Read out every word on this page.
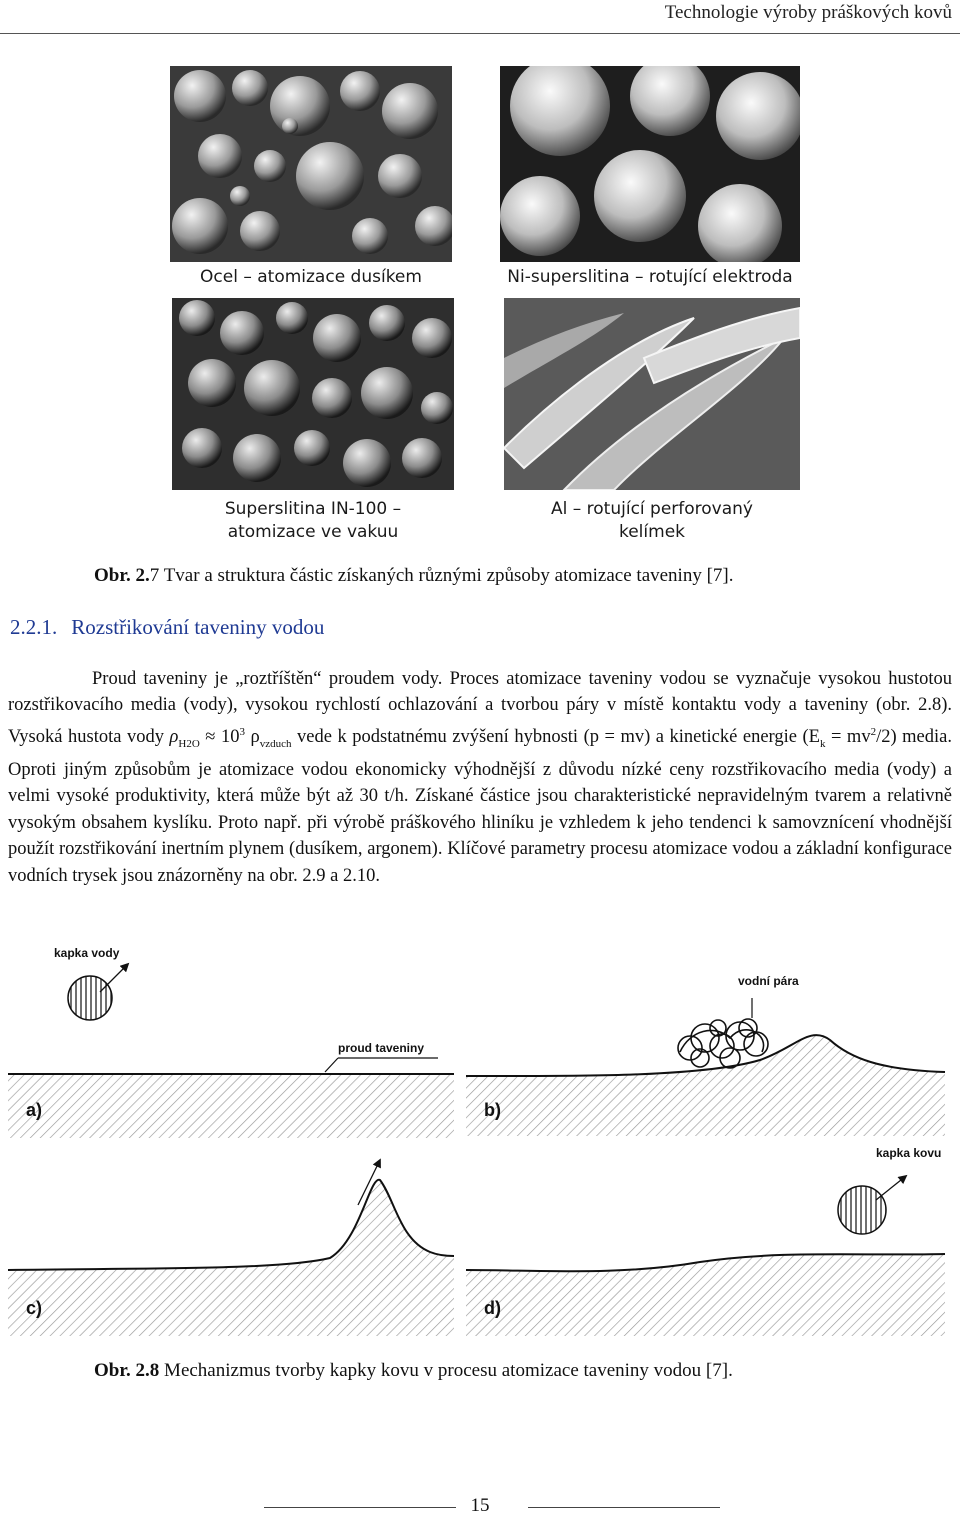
Technologie výroby práškových kovů
Ocel – atomizace dusíkem	Ni-superslitina – rotující elektroda
Superslitina IN-100 –
atomizace ve vakuu
Al – rotující perforovaný
kelímek
Obr. 2.7 Tvar a struktura částic získaných různými způsoby atomizace taveniny [7].
2.2.1. Rozstřikování taveniny vodou

Proud taveniny je „roztříštěn“ proudem vody. Proces atomizace taveniny vodou se vyznačuje vysokou hustotou rozstřikovacího media (vody), vysokou rychlostí ochlazování a tvorbou páry v místě kontaktu vody a taveniny (obr. 2.8). Vysoká hustota vody $\rho_{H2O} \approx 10^3$ $\rho_{vzduch}$ vede k podstatnému zvýšení hybnosti (p = mv) a kinetické energie $(E_k = mv^2/2)$ media. Oproti jiným způsobům je atomizace vodou ekonomicky výhodnější z důvodu nízké ceny rozstřikovacího media (vody) a velmi vysoké produktivity, která může být až 30 t/h. Získané částice jsou charakteristické nepravidelným tvarem a relativně vysokým obsahem kyslíku. Proto např. při výrobě práškového hliníku je vzhledem k jeho tendenci k samovznícení vhodnější použít rozstřikování inertním plynem (dusíkem, argonem). Klíčové parametry procesu atomizace vodou a základní konfigurace vodních trysek jsou znázorněny na obr. 2.9 a 2.10.

kapka vody
proud taveniny
vodní pára
kapka kovu
a)	b)
c)	d)
Obr. 2.8 Mechanizmus tvorby kapky kovu v procesu atomizace taveniny vodou [7].
15
